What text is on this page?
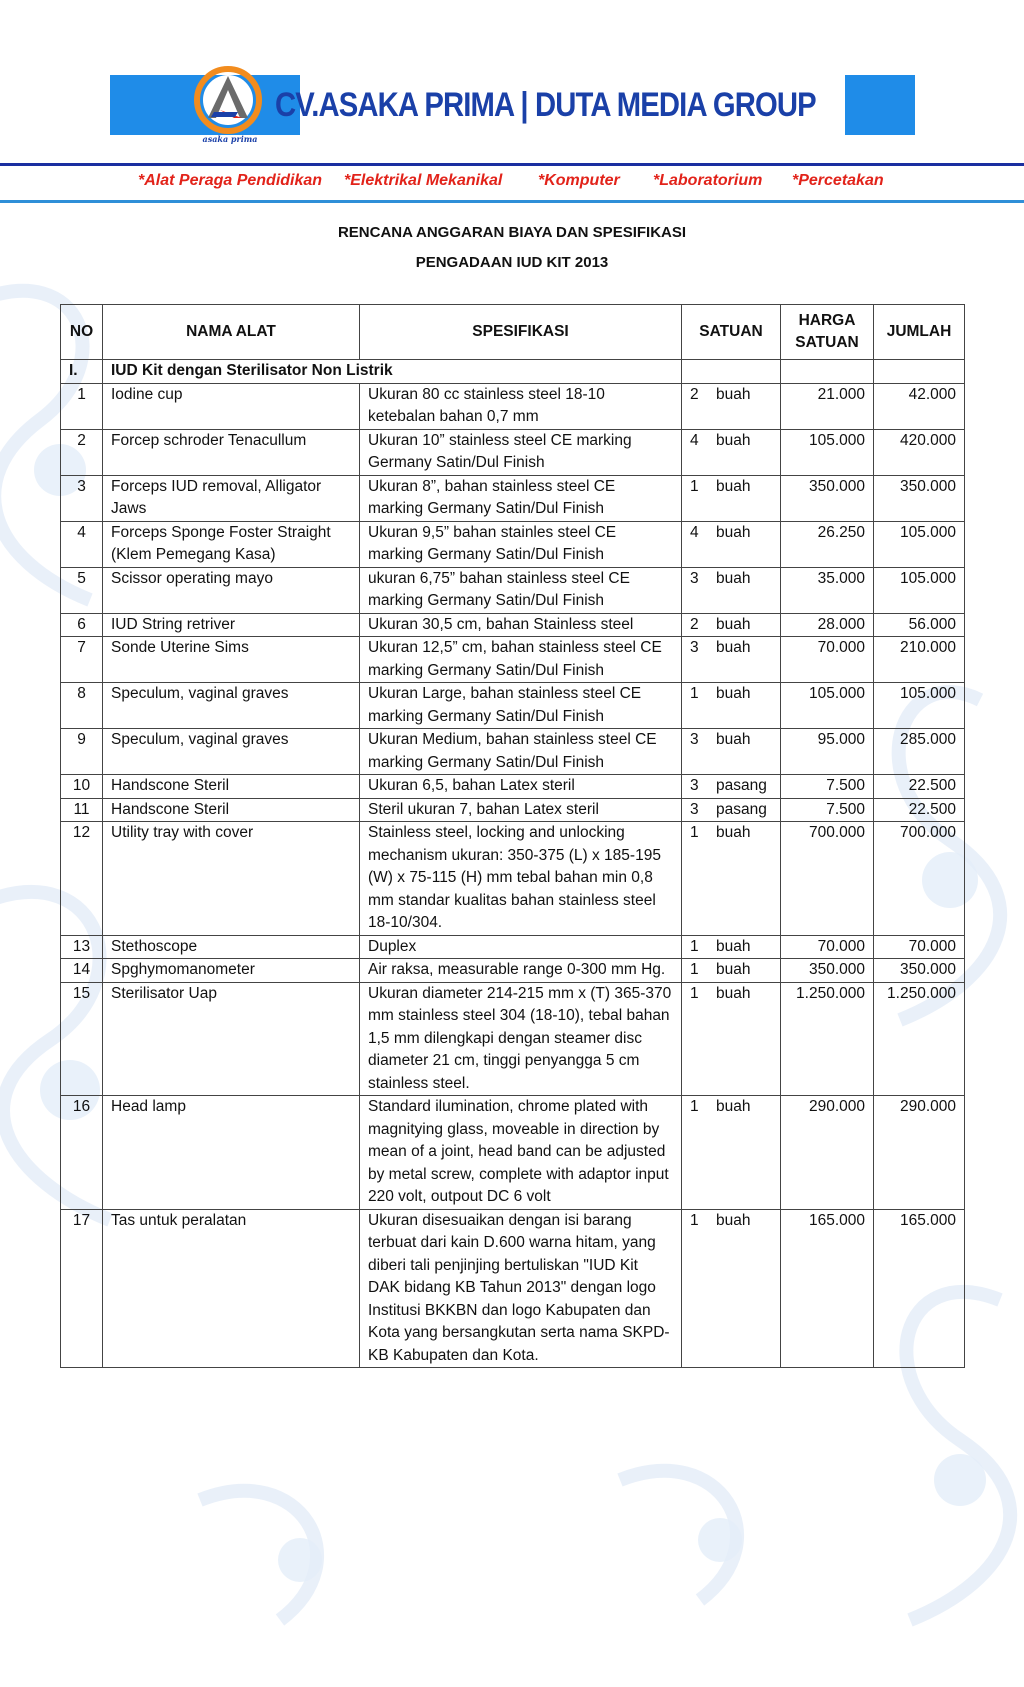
asaka prima
CV.ASAKA PRIMA | DUTA MEDIA GROUP
*Alat Peraga Pendidikan *Elektrikal Mekanikal *Komputer *Laboratorium *Percetakan
RENCANA ANGGARAN BIAYA DAN SPESIFIKASI
PENGADAAN IUD KIT 2013
NO	NAMA ALAT	SPESIFIKASI	SATUAN	HARGA SATUAN	JUMLAH
I.	IUD Kit dengan Sterilisator Non Listrik				
1	Iodine cup	Ukuran 80 cc stainless steel 18-10 ketebalan bahan 0,7 mm	2 buah	21.000	42.000
2	Forcep schroder Tenacullum	Ukuran 10” stainless steel CE marking Germany Satin/Dul Finish	4 buah	105.000	420.000
3	Forceps IUD removal, Alligator Jaws	Ukuran 8”, bahan stainless steel CE marking Germany Satin/Dul Finish	1 buah	350.000	350.000
4	Forceps Sponge Foster Straight (Klem Pemegang Kasa)	Ukuran 9,5” bahan stainles steel CE marking Germany Satin/Dul Finish	4 buah	26.250	105.000
5	Scissor operating mayo	ukuran 6,75” bahan stainless steel CE marking Germany Satin/Dul Finish	3 buah	35.000	105.000
6	IUD String retriver	Ukuran 30,5 cm, bahan Stainless steel	2 buah	28.000	56.000
7	Sonde Uterine Sims	Ukuran 12,5” cm, bahan stainless steel CE marking Germany Satin/Dul Finish	3 buah	70.000	210.000
8	Speculum, vaginal graves	Ukuran Large, bahan stainless steel CE marking Germany Satin/Dul Finish	1 buah	105.000	105.000
9	Speculum, vaginal graves	Ukuran Medium, bahan stainless steel CE marking Germany Satin/Dul Finish	3 buah	95.000	285.000
10	Handscone Steril	Ukuran 6,5, bahan Latex steril	3 pasang	7.500	22.500
11	Handscone Steril	Steril ukuran 7, bahan Latex steril	3 pasang	7.500	22.500
12	Utility tray with cover	Stainless steel, locking and unlocking mechanism ukuran: 350-375 (L) x 185-195 (W) x 75-115 (H) mm tebal bahan min 0,8 mm standar kualitas bahan stainless steel 18-10/304.	1 buah	700.000	700.000
13	Stethoscope	Duplex	1 buah	70.000	70.000
14	Spghymomanometer	Air raksa, measurable range 0-300 mm Hg.	1 buah	350.000	350.000
15	Sterilisator Uap	Ukuran diameter 214-215 mm x (T) 365-370 mm stainless steel 304 (18-10), tebal bahan 1,5 mm dilengkapi dengan steamer disc diameter 21 cm, tinggi penyangga 5 cm stainless steel.	1 buah	1.250.000	1.250.000
16	Head lamp	Standard ilumination, chrome plated with magnitying glass, moveable in direction by mean of a joint, head band can be adjusted by metal screw, complete with adaptor input 220 volt, outpout DC 6 volt	1 buah	290.000	290.000
17	Tas untuk peralatan	Ukuran disesuaikan dengan isi barang terbuat dari kain D.600 warna hitam, yang diberi tali penjinjing bertuliskan "IUD Kit DAK bidang KB Tahun 2013" dengan logo Institusi BKKBN dan logo Kabupaten dan Kota yang bersangkutan serta nama SKPD-KB Kabupaten dan Kota.	1 buah	165.000	165.000
